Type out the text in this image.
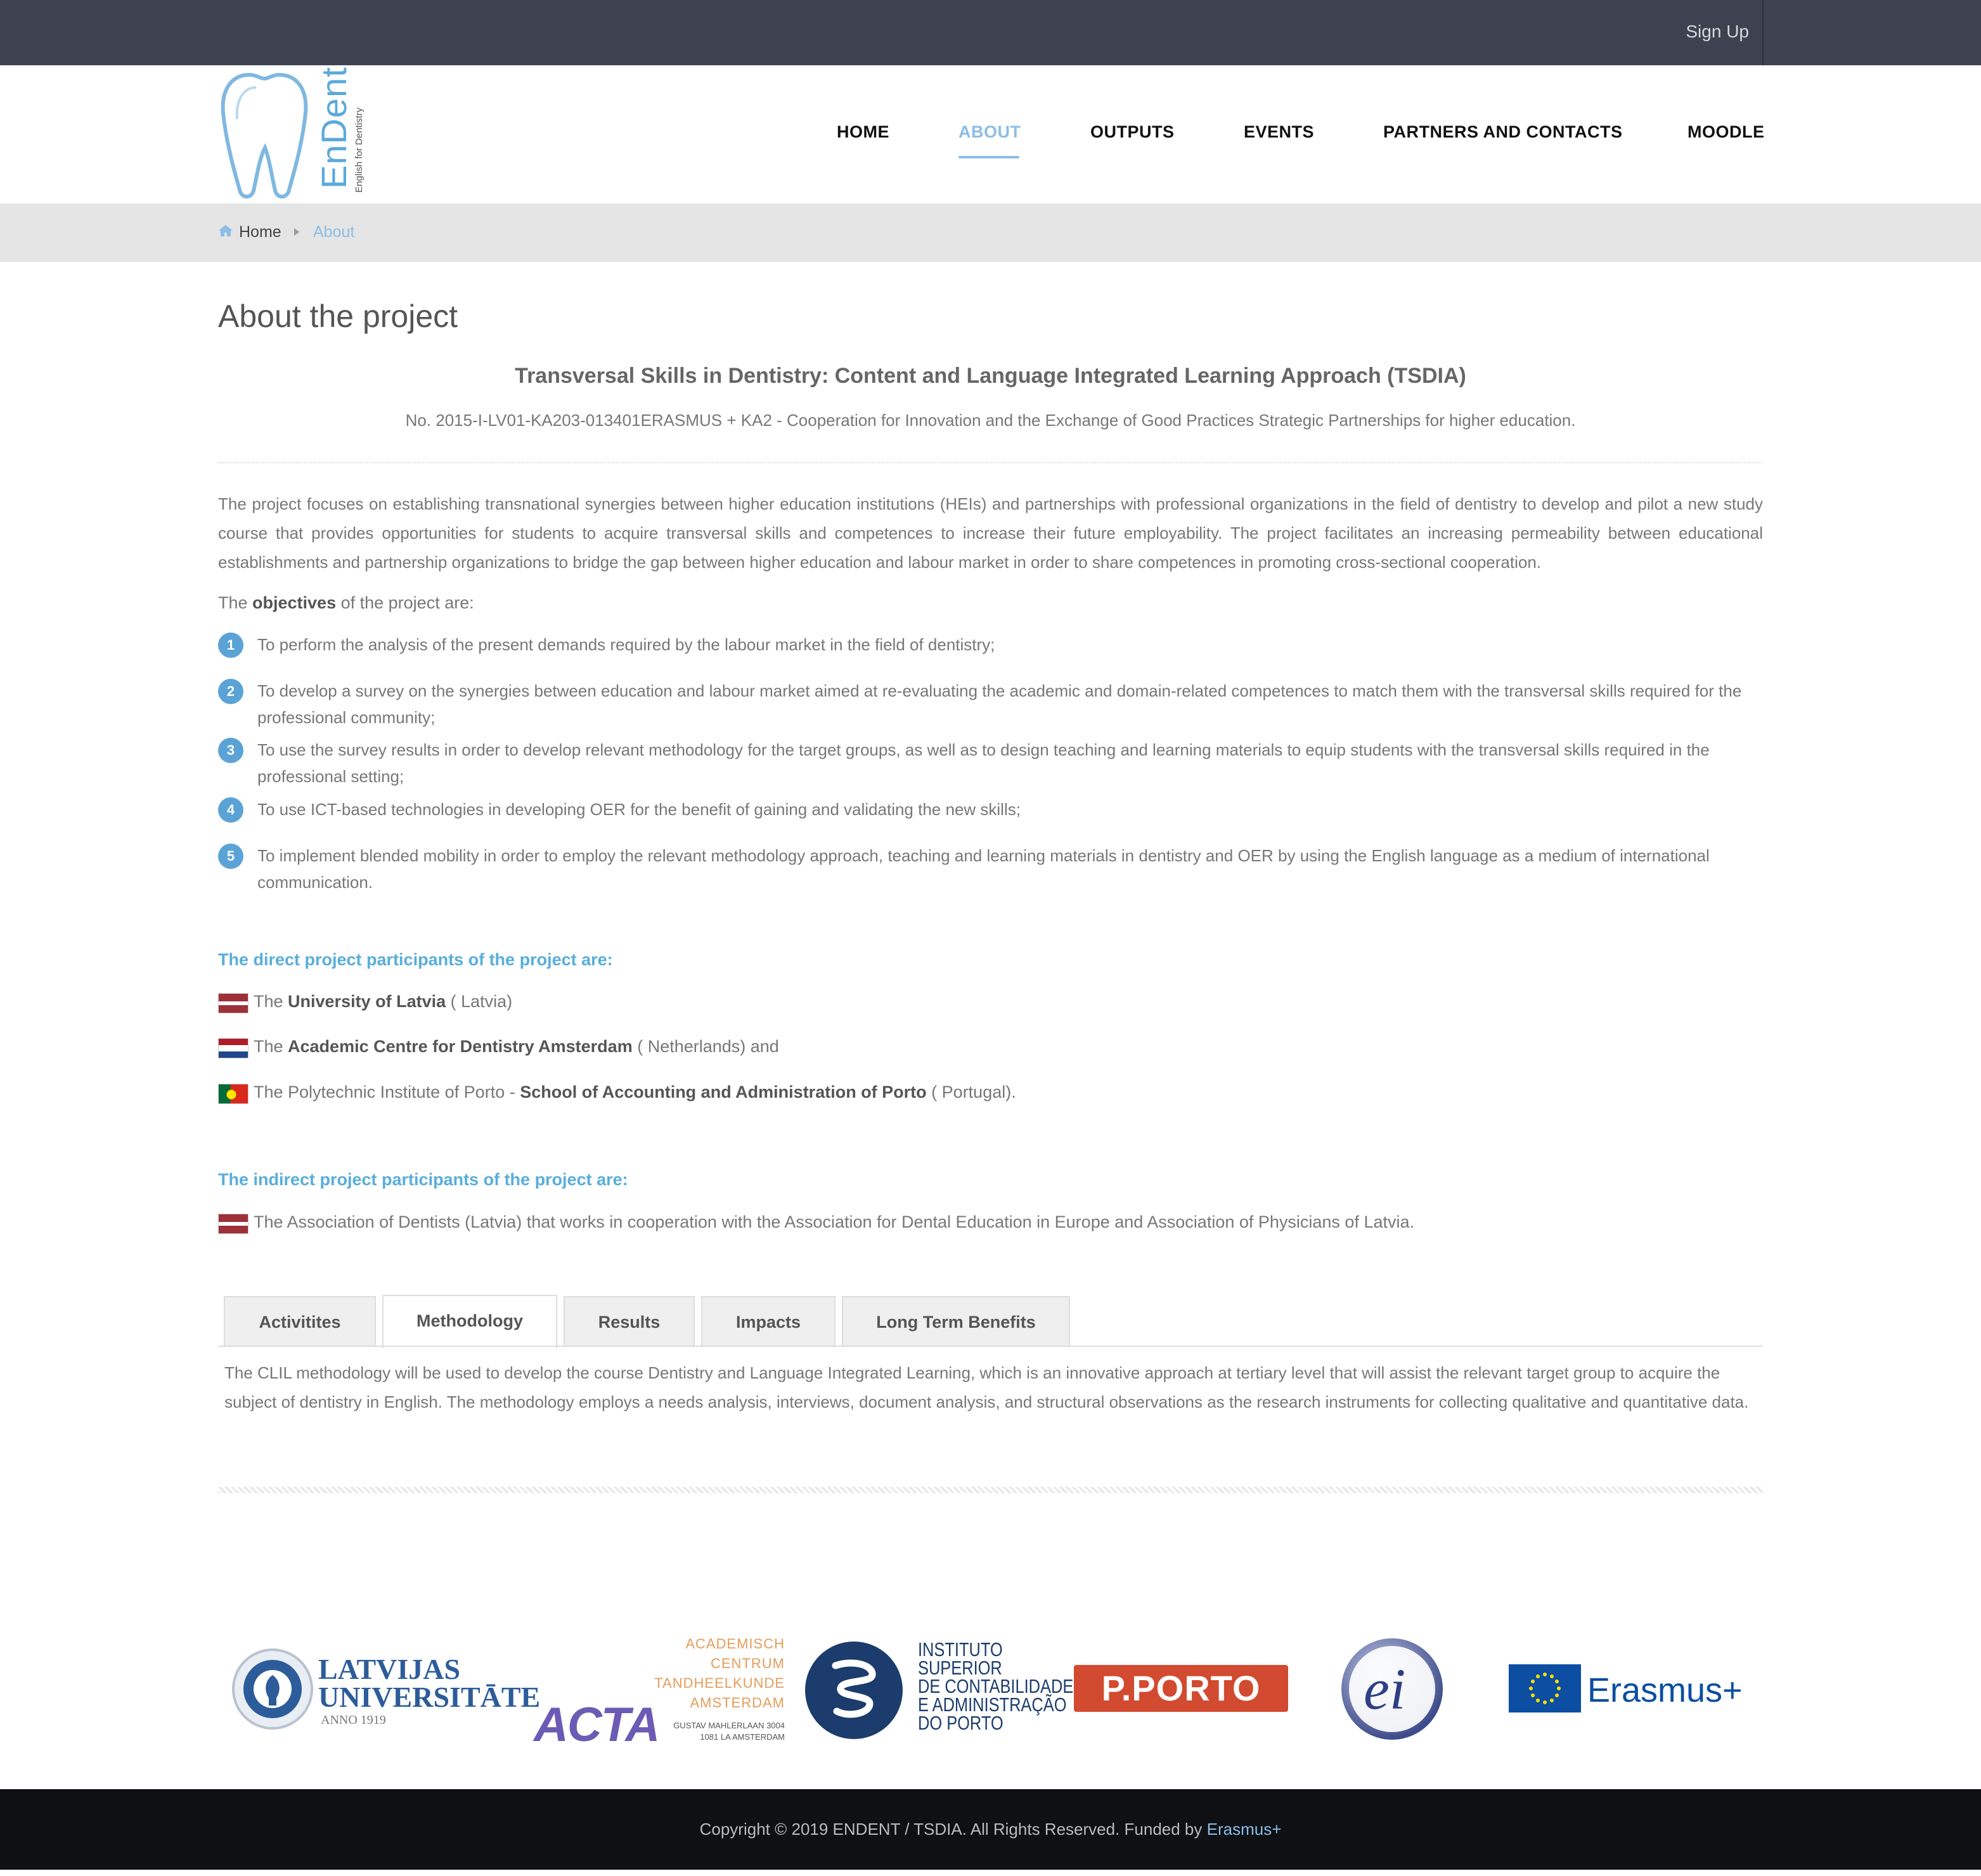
Sign Up
EnDent English for Dentistry	HOME	ABOUT	OUTPUTS	EVENTS	PARTNERS AND CONTACTS	MOODLE
Home About
About the project
Transversal Skills in Dentistry: Content and Language Integrated Learning Approach (TSDIA)
No. 2015-I-LV01-KA203-013401ERASMUS + KA2 - Cooperation for Innovation and the Exchange of Good Practices Strategic Partnerships for higher education.
The project focuses on establishing transnational synergies between higher education institutions (HEIs) and partnerships with professional organizations in the field of dentistry to develop and pilot a new study course that provides opportunities for students to acquire transversal skills and competences to increase their future employability. The project facilitates an increasing permeability between educational establishments and partnership organizations to bridge the gap between higher education and labour market in order to share competences in promoting cross-sectional cooperation.
The objectives of the project are:
1	To perform the analysis of the present demands required by the labour market in the field of dentistry;
2	To develop a survey on the synergies between education and labour market aimed at re-evaluating the academic and domain-related competences to match them with the transversal skills required for the professional community;
3	To use the survey results in order to develop relevant methodology for the target groups, as well as to design teaching and learning materials to equip students with the transversal skills required in the professional setting;
4	To use ICT-based technologies in developing OER for the benefit of gaining and validating the new skills;
5	To implement blended mobility in order to employ the relevant methodology approach, teaching and learning materials in dentistry and OER by using the English language as a medium of international communication.
The direct project participants of the project are:
The University of Latvia ( Latvia)
The Academic Centre for Dentistry Amsterdam ( Netherlands) and
The Polytechnic Institute of Porto - School of Accounting and Administration of Porto ( Portugal).
The indirect project participants of the project are:
The Association of Dentists (Latvia) that works in cooperation with the Association for Dental Education in Europe and Association of Physicians of Latvia.
Activitites	Methodology	Results	Impacts	Long Term Benefits
The CLIL methodology will be used to develop the course Dentistry and Language Integrated Learning, which is an innovative approach at tertiary level that will assist the relevant target group to acquire the subject of dentistry in English. The methodology employs a needs analysis, interviews, document analysis, and structural observations as the research instruments for collecting qualitative and quantitative data.
LATVIJAS
UNIVERSITĀTE
ANNO 1919
ACADEMISCH
CENTRUM
TANDHEELKUNDE
AMSTERDAM
ACTA GUSTAV MAHLERLAAN 3004
1081 LA AMSTERDAM
INSTITUTO
SUPERIOR
DE CONTABILIDADE
E ADMINISTRAÇÃO
DO PORTO
P.PORTO	ei	Erasmus+
Copyright © 2019 ENDENT / TSDIA. All Rights Reserved. Funded by Erasmus+
